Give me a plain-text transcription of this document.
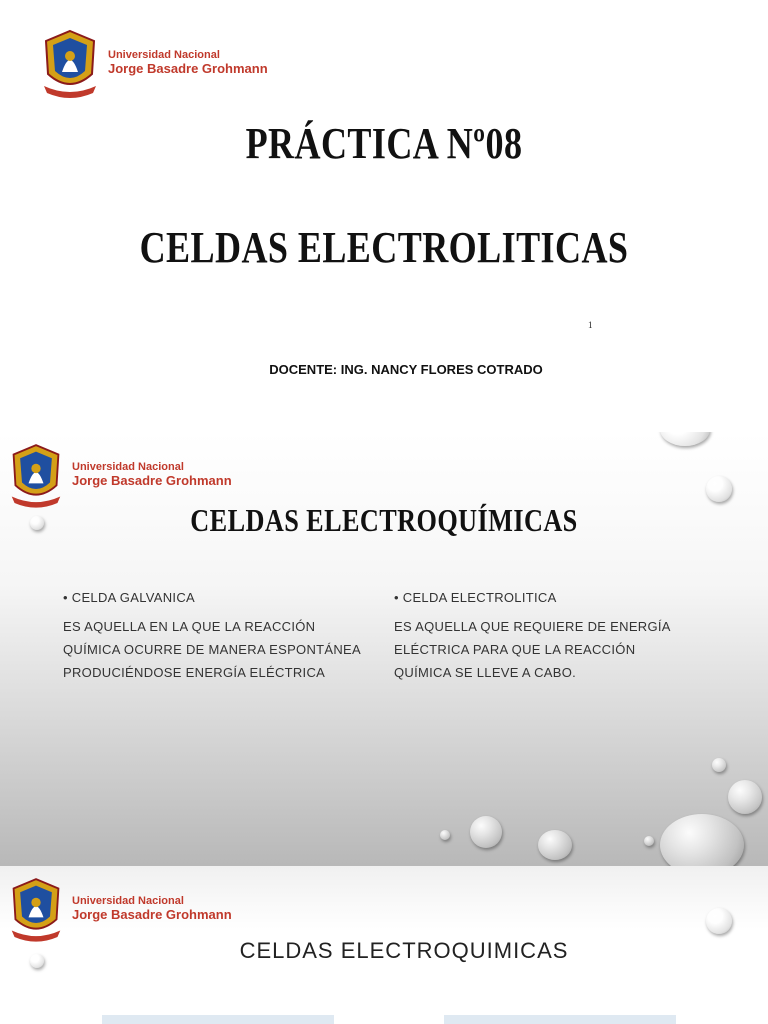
Universidad Nacional
Jorge Basadre Grohmann
PRÁCTICA Nº08
CELDAS ELECTROLITICAS
1
DOCENTE: ING. NANCY FLORES COTRADO
Universidad Nacional
Jorge Basadre Grohmann
CELDAS ELECTROQUÍMICAS
• CELDA GALVANICA
ES AQUELLA EN LA QUE LA REACCIÓN QUÍMICA OCURRE DE MANERA ESPONTÁNEA PRODUCIÉNDOSE ENERGÍA ELÉCTRICA
• CELDA ELECTROLITICA
ES AQUELLA QUE REQUIERE DE ENERGÍA ELÉCTRICA PARA QUE LA REACCIÓN QUÍMICA SE LLEVE A CABO.
Universidad Nacional
Jorge Basadre Grohmann
CELDAS ELECTROQUIMICAS
